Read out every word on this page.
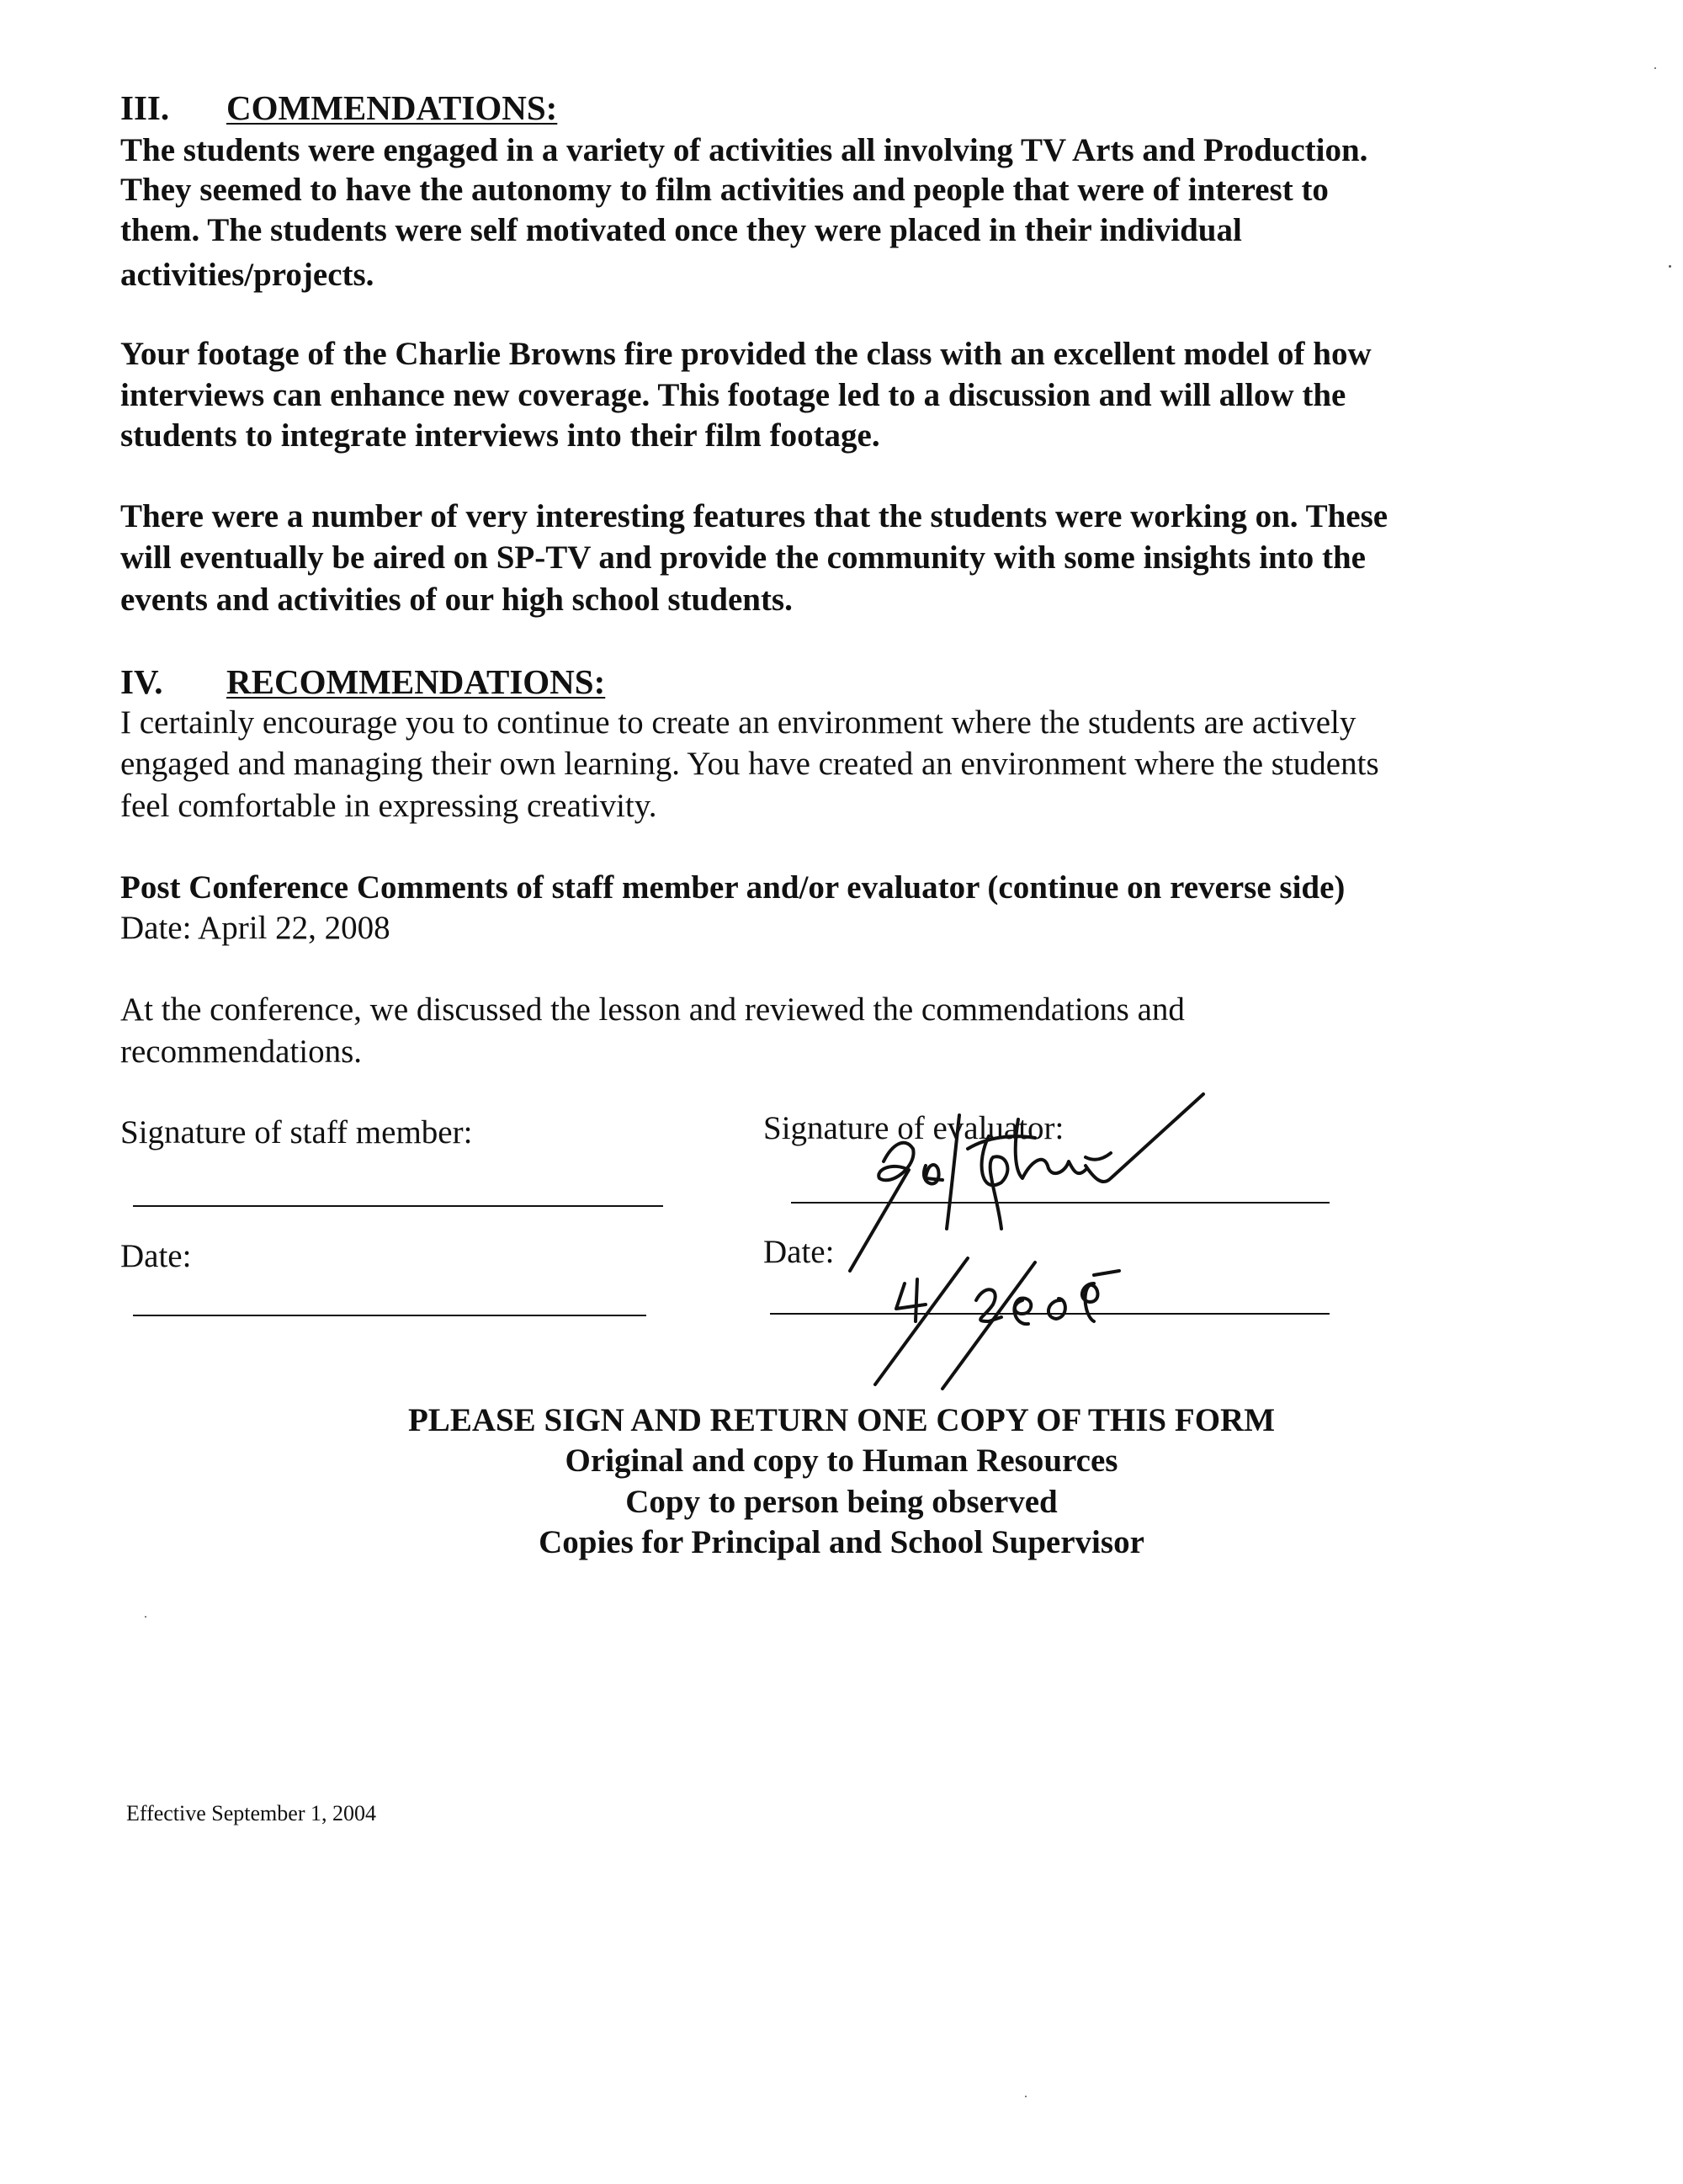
III. COMMENDATIONS:
The students were engaged in a variety of activities all involving TV Arts and Production.
They seemed to have the autonomy to film activities and people that were of interest to
them. The students were self motivated once they were placed in their individual
activities/projects.
Your footage of the Charlie Browns fire provided the class with an excellent model of how
interviews can enhance new coverage. This footage led to a discussion and will allow the
students to integrate interviews into their film footage.
There were a number of very interesting features that the students were working on. These
will eventually be aired on SP-TV and provide the community with some insights into the
events and activities of our high school students.
IV. RECOMMENDATIONS:
I certainly encourage you to continue to create an environment where the students are actively
engaged and managing their own learning. You have created an environment where the students
feel comfortable in expressing creativity.
Post Conference Comments of staff member and/or evaluator (continue on reverse side)
Date: April 22, 2008
At the conference, we discussed the lesson and reviewed the commendations and
recommendations.
Signature of staff member:
Date:
Signature of evaluator:
Date:
PLEASE SIGN AND RETURN ONE COPY OF THIS FORM
Original and copy to Human Resources
Copy to person being observed
Copies for Principal and School Supervisor
Effective September 1, 2004
